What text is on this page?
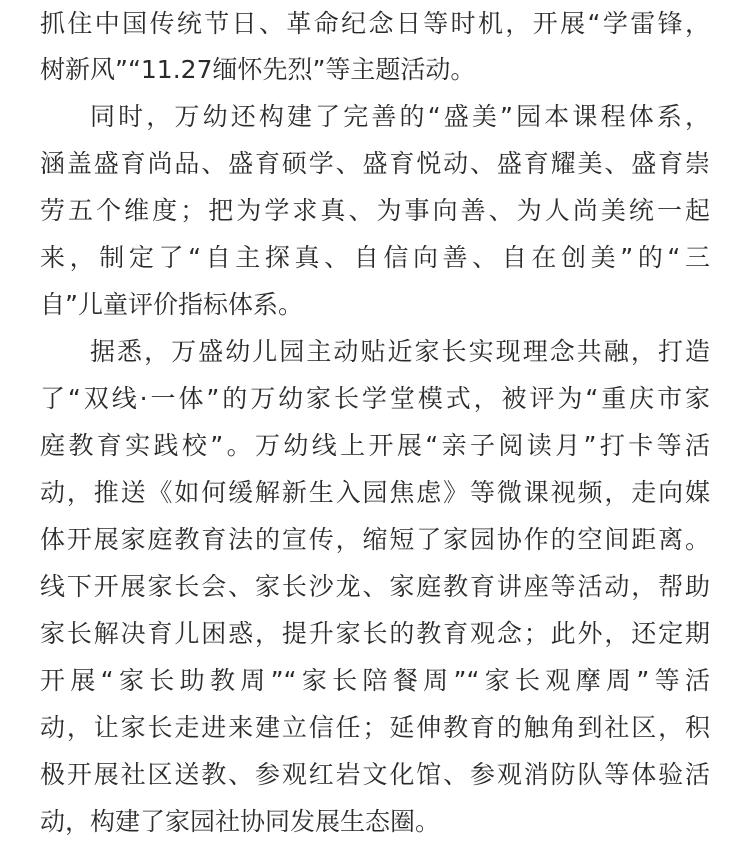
抓住中国传统节日、革命纪念日等时机，开展“学雷锋，
树新风”“11.27缅怀先烈”等主题活动。
同时，万幼还构建了完善的“盛美”园本课程体系，
涵盖盛育尚品、盛育硕学、盛育悦动、盛育耀美、盛育崇
劳五个维度；把为学求真、为事向善、为人尚美统一起
来，制定了“自主探真、自信向善、自在创美”的“三
自”儿童评价指标体系。
据悉，万盛幼儿园主动贴近家长实现理念共融，打造
了“双线·一体”的万幼家长学堂模式，被评为“重庆市家
庭教育实践校”。万幼线上开展“亲子阅读月”打卡等活
动，推送《如何缓解新生入园焦虑》等微课视频，走向媒
体开展家庭教育法的宣传，缩短了家园协作的空间距离。
线下开展家长会、家长沙龙、家庭教育讲座等活动，帮助
家长解决育儿困惑，提升家长的教育观念；此外，还定期
开展“家长助教周”“家长陪餐周”“家长观摩周”等活
动，让家长走进来建立信任；延伸教育的触角到社区，积
极开展社区送教、参观红岩文化馆、参观消防队等体验活
动，构建了家园社协同发展生态圈。
